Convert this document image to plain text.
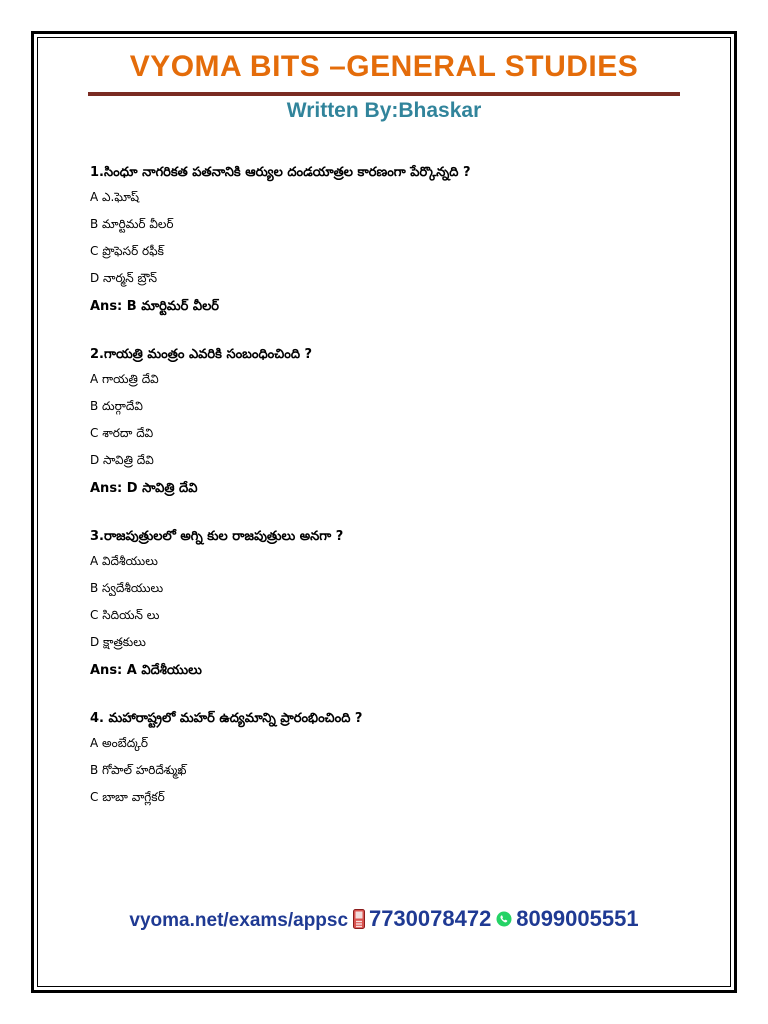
VYOMA BITS –GENERAL STUDIES
Written By:Bhaskar
1.సింధూ నాగరికత పతనానికి ఆర్యుల దండయాత్రల కారణంగా పేర్కొన్నది ?
A ఎ.ఘోష్
B మార్టిమర్ వీలర్
C ప్రొఫెసర్ రఫీక్
D నార్మన్ బ్రౌన్
Ans: B మార్టిమర్ వీలర్
2.గాయత్రి మంత్రం ఎవరికి సంబంధించింది ?
A గాయత్రి దేవి
B దుర్గాదేవి
C శారదా దేవి
D సావిత్రి దేవి
Ans: D సావిత్రి దేవి
3.రాజపుత్రులలో అగ్ని కుల రాజపుత్రులు అనగా ?
A విదేశీయులు
B స్వదేశీయులు
C సిదియన్ లు
D క్షాత్రకులు
Ans: A విదేశీయులు
4. మహారాష్ట్రలో మహర్ ఉద్యమాన్ని ప్రారంభించింది ?
A అంబేద్కర్
B గోపాల్ హరిదేశ్ముఖ్
C బాబా వాగ్లేకర్
vyoma.net/exams/appsc 7730078472 8099005551
